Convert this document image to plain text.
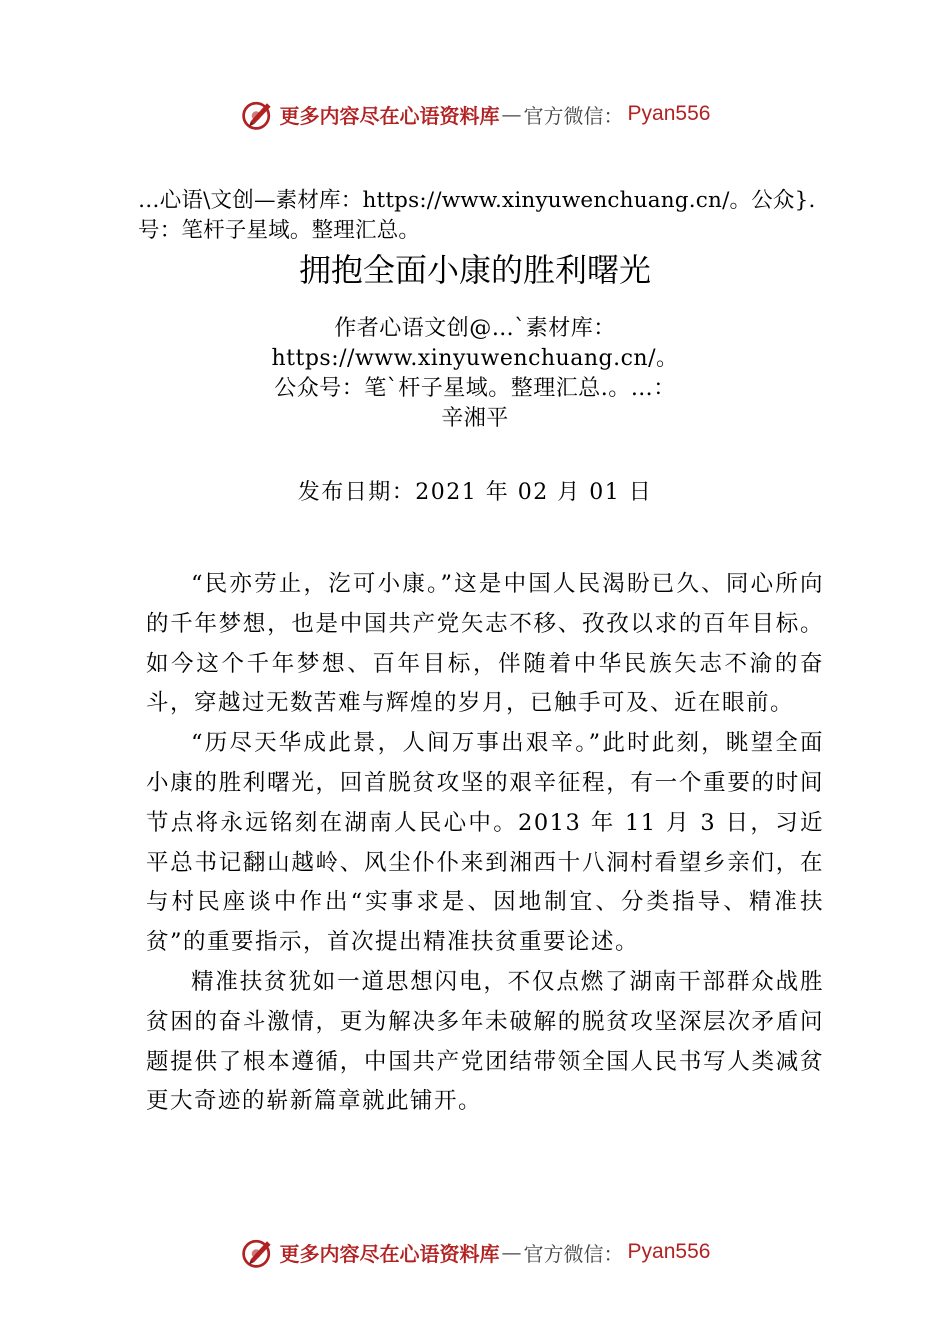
更多内容尽在心语资料库 — 官方微信： Pyan556
…心语\文创—素材库：https://www.xinyuwenchuang.cn/。公众}.号：笔杆子星域。整理汇总。
拥抱全面小康的胜利曙光
作者心语文创@…`素材库：https://www.xinyuwenchuang.cn/。公众号：笔`杆子星域。整理汇总.。…：辛湘平
发布日期：2021 年 02 月 01 日

“民亦劳止，汔可小康。”这是中国人民渴盼已久、同心所向的千年梦想，也是中国共产党矢志不移、孜孜以求的百年目标。如今这个千年梦想、百年目标，伴随着中华民族矢志不渝的奋斗，穿越过无数苦难与辉煌的岁月，已触手可及、近在眼前。

“历尽天华成此景，人间万事出艰辛。”此时此刻，眺望全面小康的胜利曙光，回首脱贫攻坚的艰辛征程，有一个重要的时间节点将永远铭刻在湖南人民心中。2013 年 11 月 3 日，习近平总书记翻山越岭、风尘仆仆来到湘西十八洞村看望乡亲们，在与村民座谈中作出“实事求是、因地制宜、分类指导、精准扶贫”的重要指示，首次提出精准扶贫重要论述。

精准扶贫犹如一道思想闪电，不仅点燃了湖南干部群众战胜贫困的奋斗激情，更为解决多年未破解的脱贫攻坚深层次矛盾问题提供了根本遵循，中国共产党团结带领全国人民书写人类减贫更大奇迹的崭新篇章就此铺开。

更多内容尽在心语资料库 — 官方微信： Pyan556
